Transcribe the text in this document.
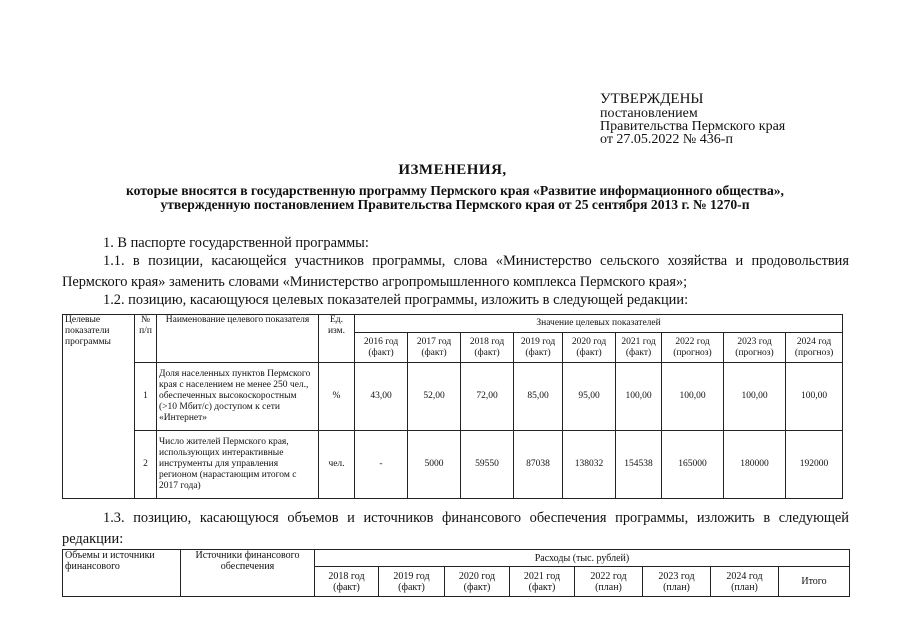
УТВЕРЖДЕНЫ
постановлением
Правительства Пермского края
от 27.05.2022 № 436-п
ИЗМЕНЕНИЯ,
которые вносятся в государственную программу Пермского края «Развитие информационного общества»,
утвержденную постановлением Правительства Пермского края от 25 сентября 2013 г. № 1270-п
1. В паспорте государственной программы:
1.1. в позиции, касающейся участников программы, слова «Министерство сельского хозяйства и продовольствия Пермского края» заменить словами «Министерство агропромышленного комплекса Пермского края»;
1.2. позицию, касающуюся целевых показателей программы, изложить в следующей редакции:
Целевые показатели программы	№ п/п	Наименование целевого показателя	Ед. изм.	Значение целевых показателей								
				2016 год (факт)	2017 год (факт)	2018 год (факт)	2019 год (факт)	2020 год (факт)	2021 год (факт)	2022 год (прогноз)	2023 год (прогноз)	2024 год (прогноз)
	1	Доля населенных пунктов Пермского края с населением не менее 250 чел., обеспеченных высокоскоростным (>10 Мбит/с) доступом к сети «Интернет»	%	43,00	52,00	72,00	85,00	95,00	100,00	100,00	100,00	100,00
	2	Число жителей Пермского края, использующих интерактивные инструменты для управления регионом (нарастающим итогом с 2017 года)	чел.	-	5000	59550	87038	138032	154538	165000	180000	192000
1.3. позицию, касающуюся объемов и источников финансового обеспечения программы, изложить в следующей редакции:
Объемы и источники финансового	Источники финансового обеспечения	Расходы (тыс. рублей)							
		2018 год (факт)	2019 год (факт)	2020 год (факт)	2021 год (факт)	2022 год (план)	2023 год (план)	2024 год (план)	Итого
